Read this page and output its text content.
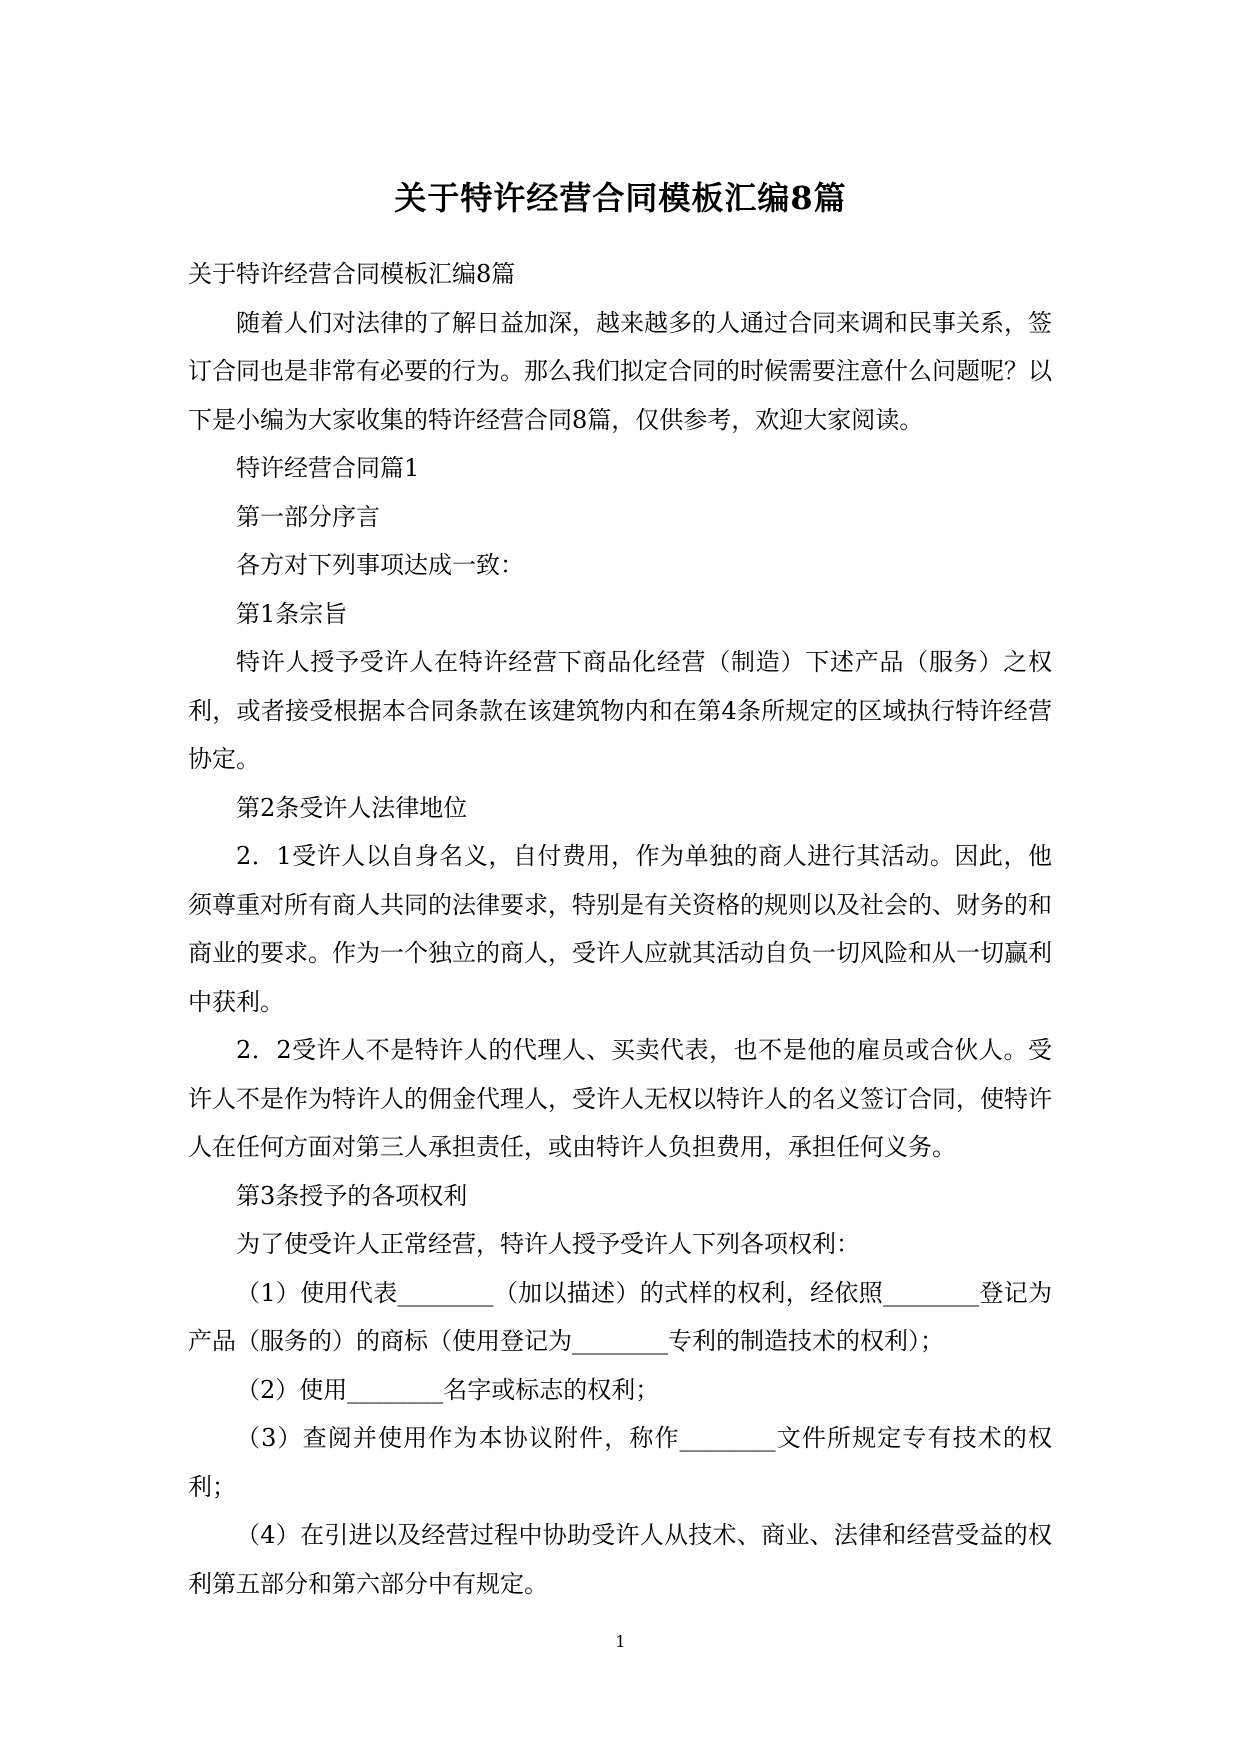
关于特许经营合同模板汇编8篇

关于特许经营合同模板汇编8篇

随着人们对法律的了解日益加深，越来越多的人通过合同来调和民事关系，签订合同也是非常有必要的行为。那么我们拟定合同的时候需要注意什么问题呢？以下是小编为大家收集的特许经营合同8篇，仅供参考，欢迎大家阅读。

特许经营合同篇1

第一部分序言

各方对下列事项达成一致：

第1条宗旨

特许人授予受许人在特许经营下商品化经营（制造）下述产品（服务）之权利，或者接受根据本合同条款在该建筑物内和在第4条所规定的区域执行特许经营协定。

第2条受许人法律地位

2．1受许人以自身名义，自付费用，作为单独的商人进行其活动。因此，他须尊重对所有商人共同的法律要求，特别是有关资格的规则以及社会的、财务的和商业的要求。作为一个独立的商人，受许人应就其活动自负一切风险和从一切赢利中获利。

2．2受许人不是特许人的代理人、买卖代表，也不是他的雇员或合伙人。受许人不是作为特许人的佣金代理人，受许人无权以特许人的名义签订合同，使特许人在任何方面对第三人承担责任，或由特许人负担费用，承担任何义务。

第3条授予的各项权利

为了使受许人正常经营，特许人授予受许人下列各项权利：

（1）使用代表________（加以描述）的式样的权利，经依照________登记为产品（服务的）的商标（使用登记为________专利的制造技术的权利）；

（2）使用________名字或标志的权利；

（3）查阅并使用作为本协议附件，称作________文件所规定专有技术的权利；

（4）在引进以及经营过程中协助受许人从技术、商业、法律和经营受益的权利第五部分和第六部分中有规定。

1
